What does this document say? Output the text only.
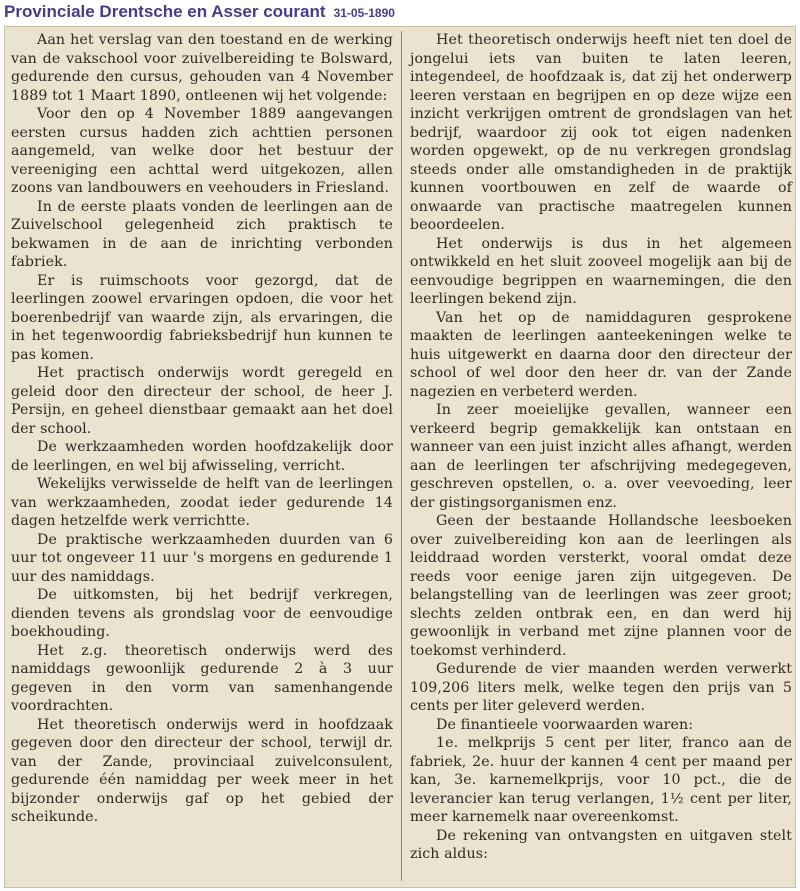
Provinciale Drentsche en Asser courant 31-05-1890

Aan het verslag van den toestand en de werking van de vakschool voor zuivelbereiding te Bolsward, gedurende den cursus, gehouden van 4 November 1889 tot 1 Maart 1890, ontleenen wij het volgende:

Voor den op 4 November 1889 aangevangen eersten cursus hadden zich achttien personen aangemeld, van welke door het bestuur der vereeniging een achttal werd uitgekozen, allen zoons van landbouwers en veehouders in Friesland.

In de eerste plaats vonden de leerlingen aan de Zuivelschool gelegenheid zich praktisch te bekwamen in de aan de inrichting verbonden fabriek.

Er is ruimschoots voor gezorgd, dat de leerlingen zoowel ervaringen opdoen, die voor het boerenbedrijf van waarde zijn, als ervaringen, die in het tegenwoordig fabrieksbedrijf hun kunnen te pas komen.

Het practisch onderwijs wordt geregeld en geleid door den directeur der school, de heer J. Persijn, en geheel dienstbaar gemaakt aan het doel der school.

De werkzaamheden worden hoofdzakelijk door de leerlingen, en wel bij afwisseling, verricht.

Wekelijks verwisselde de helft van de leerlingen van werkzaamheden, zoodat ieder gedurende 14 dagen hetzelfde werk verrichtte.

De praktische werkzaamheden duurden van 6 uur tot ongeveer 11 uur 's morgens en gedurende 1 uur des namiddags.

De uitkomsten, bij het bedrijf verkregen, dienden tevens als grondslag voor de eenvoudige boekhouding.

Het z.g. theoretisch onderwijs werd des namiddags gewoonlijk gedurende 2 à 3 uur gegeven in den vorm van samenhangende voordrachten.

Het theoretisch onderwijs werd in hoofdzaak gegeven door den directeur der school, terwijl dr. van der Zande, provinciaal zuivelconsulent, gedurende één namiddag per week meer in het bijzonder onderwijs gaf op het gebied der scheikunde.

Het theoretisch onderwijs heeft niet ten doel de jongelui iets van buiten te laten leeren, integendeel, de hoofdzaak is, dat zij het onderwerp leeren verstaan en begrijpen en op deze wijze een inzicht verkrijgen omtrent de grondslagen van het bedrijf, waardoor zij ook tot eigen nadenken worden opgewekt, op de nu verkregen grondslag steeds onder alle omstandigheden in de praktijk kunnen voortbouwen en zelf de waarde of onwaarde van practische maatregelen kunnen beoordeelen.

Het onderwijs is dus in het algemeen ontwikkeld en het sluit zooveel mogelijk aan bij de eenvoudige begrippen en waarnemingen, die den leerlingen bekend zijn.

Van het op de namiddaguren gesprokene maakten de leerlingen aanteekeningen welke te huis uitgewerkt en daarna door den directeur der school of wel door den heer dr. van der Zande nagezien en verbeterd werden.

In zeer moeielijke gevallen, wanneer een verkeerd begrip gemakkelijk kan ontstaan en wanneer van een juist inzicht alles afhangt, werden aan de leerlingen ter afschrijving medegegeven, geschreven opstellen, o. a. over veevoeding, leer der gistingsorganismen enz.

Geen der bestaande Hollandsche leesboeken over zuivelbereiding kon aan de leerlingen als leiddraad worden versterkt, vooral omdat deze reeds voor eenige jaren zijn uitgegeven. De belangstelling van de leerlingen was zeer groot; slechts zelden ontbrak een, en dan werd hij gewoonlijk in verband met zijne plannen voor de toekomst verhinderd.

Gedurende de vier maanden werden verwerkt 109,206 liters melk, welke tegen den prijs van 5 cents per liter geleverd werden.

De finantieele voorwaarden waren:

1e. melkprijs 5 cent per liter, franco aan de fabriek, 2e. huur der kannen 4 cent per maand per kan, 3e. karnemelkprijs, voor 10 pct., die de leverancier kan terug verlangen, 1½ cent per liter, meer karnemelk naar overeenkomst.

De rekening van ontvangsten en uitgaven stelt zich aldus:
